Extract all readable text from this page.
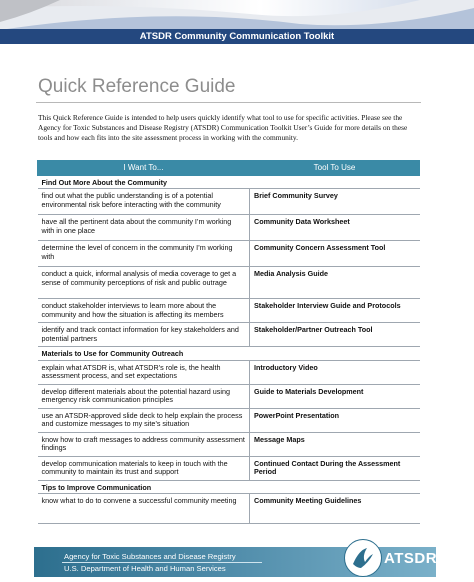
ATSDR Community Communication Toolkit
Quick Reference Guide

This Quick Reference Guide is intended to help users quickly identify what tool to use for specific activities. Please see the Agency for Toxic Substances and Disease Registry (ATSDR) Communication Toolkit User’s Guide for more details on these tools and how each fits into the site assessment process in working with the community.

I Want To...	Tool To Use
Find Out More About the Community	
find out what the public understanding is of a potential environmental risk before interacting with the community	Brief Community Survey
have all the pertinent data about the community I’m working with in one place	Community Data Worksheet
determine the level of concern in the community I’m working with	Community Concern Assessment Tool
conduct a quick, informal analysis of media coverage to get a sense of community perceptions of risk and public outrage	Media Analysis Guide
conduct stakeholder interviews to learn more about the community and how the situation is affecting its members	Stakeholder Interview Guide and Protocols
identify and track contact information for key stakeholders and potential partners	Stakeholder/Partner Outreach Tool
Materials to Use for Community Outreach	
explain what ATSDR is, what ATSDR’s role is, the health assessment process, and set expectations	Introductory Video
develop different materials about the potential hazard using emergency risk communication principles	Guide to Materials Development
use an ATSDR-approved slide deck to help explain the process and customize messages to my site’s situation	PowerPoint Presentation
know how to craft messages to address community assessment findings	Message Maps
develop communication materials to keep in touch with the community to maintain its trust and support	Continued Contact During the Assessment Period
Tips to Improve Communication	
know what to do to convene a successful community meeting	Community Meeting Guidelines
Agency for Toxic Substances and Disease Registry
U.S. Department of Health and Human Services
ATSDR
